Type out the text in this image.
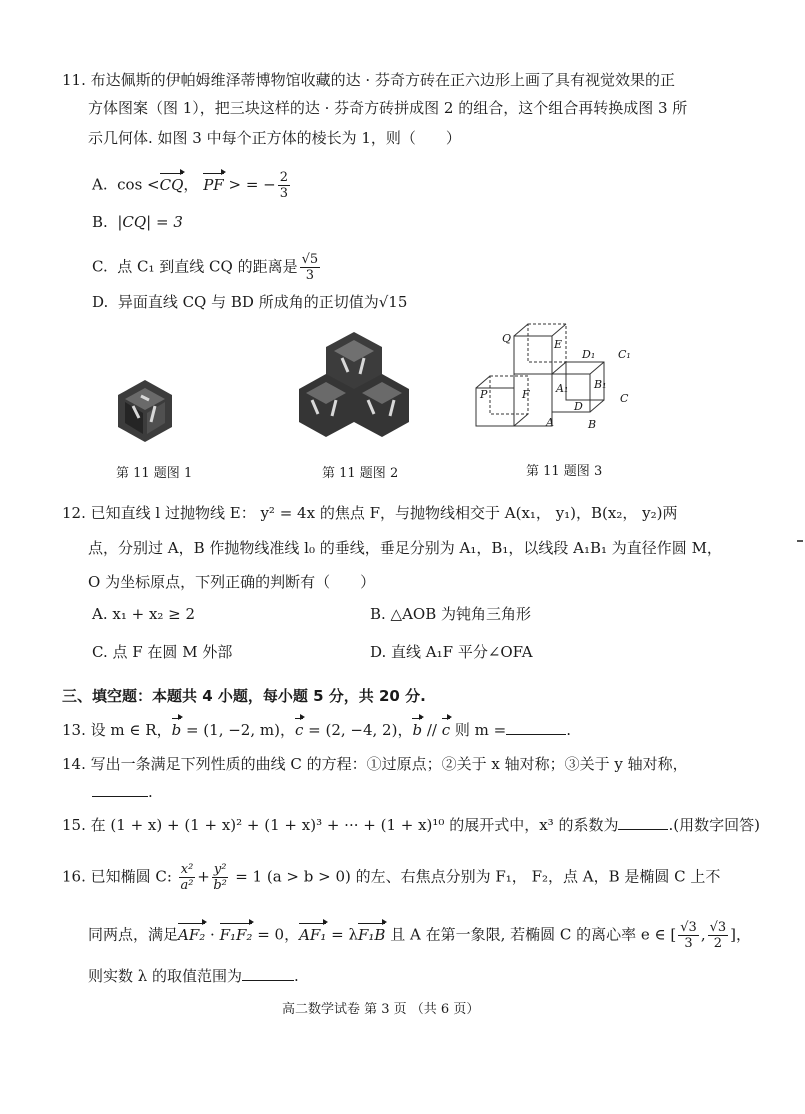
11. 布达佩斯的伊帕姆维泽蒂博物馆收藏的达 · 芬奇方砖在正六边形上画了具有视觉效果的正
方体图案（图 1），把三块这样的达 · 芬奇方砖拼成图 2 的组合，这个组合再转换成图 3 所
示几何体. 如图 3 中每个正方体的棱长为 1，则（　　）
A. cos <CQ， PF > = − $\frac{2}{3}$
B. |CQ| = 3
C. 点 C₁ 到直线 CQ 的距离是 $\frac{√5}{3}$
D. 异面直线 CQ 与 BD 所成角的正切值为√15
第 11 题图 1	第 11 题图 2
Q	E
D₁ C₁
B₁
A₁
P	F
D
C
A	B
第 11 题图 3
12. 已知直线 l 过抛物线 E： y² = 4x 的焦点 F，与抛物线相交于 A(x₁， y₁)，B(x₂， y₂)两
点，分别过 A，B 作抛物线准线 l₀ 的垂线，垂足分别为 A₁，B₁，以线段 A₁B₁ 为直径作圆 M，
O 为坐标原点，下列正确的判断有（　　）
A. x₁ + x₂ ≥ 2	B. △AOB 为钝角三角形
C. 点 F 在圆 M 外部	D. 直线 A₁F 平分∠OFA
三、填空题：本题共 4 小题，每小题 5 分，共 20 分.
13. 设 m ∈ R，b = (1, −2, m)，c = (2, −4, 2)，b // c 则 m =	.
14. 写出一条满足下列性质的曲线 C 的方程：①过原点；②关于 x 轴对称；③关于 y 轴对称，
.
15. 在 (1 + x) + (1 + x)² + (1 + x)³ + ··· + (1 + x)¹⁰ 的展开式中，x³ 的系数为	.(用数字回答)
16. 已知椭圆 C: $\frac{\text{x²}}{\text{a²}} + \frac{\text{y²}}{\text{b²}} = 1$ (a > b > 0) 的左、右焦点分别为 F₁， F₂，点 A，B 是椭圆 C 上不
同两点，满足AF₂ · F₁F₂ = 0，AF₁ = λF₁B 且 A 在第一象限, 若椭圆 C 的离心率 e ∈ [ $\frac{√3}{3}$ , $\frac{√3}{2}$ ]，
则实数 λ 的取值范围为	.
高二数学试卷 第 3 页 （共 6 页）
